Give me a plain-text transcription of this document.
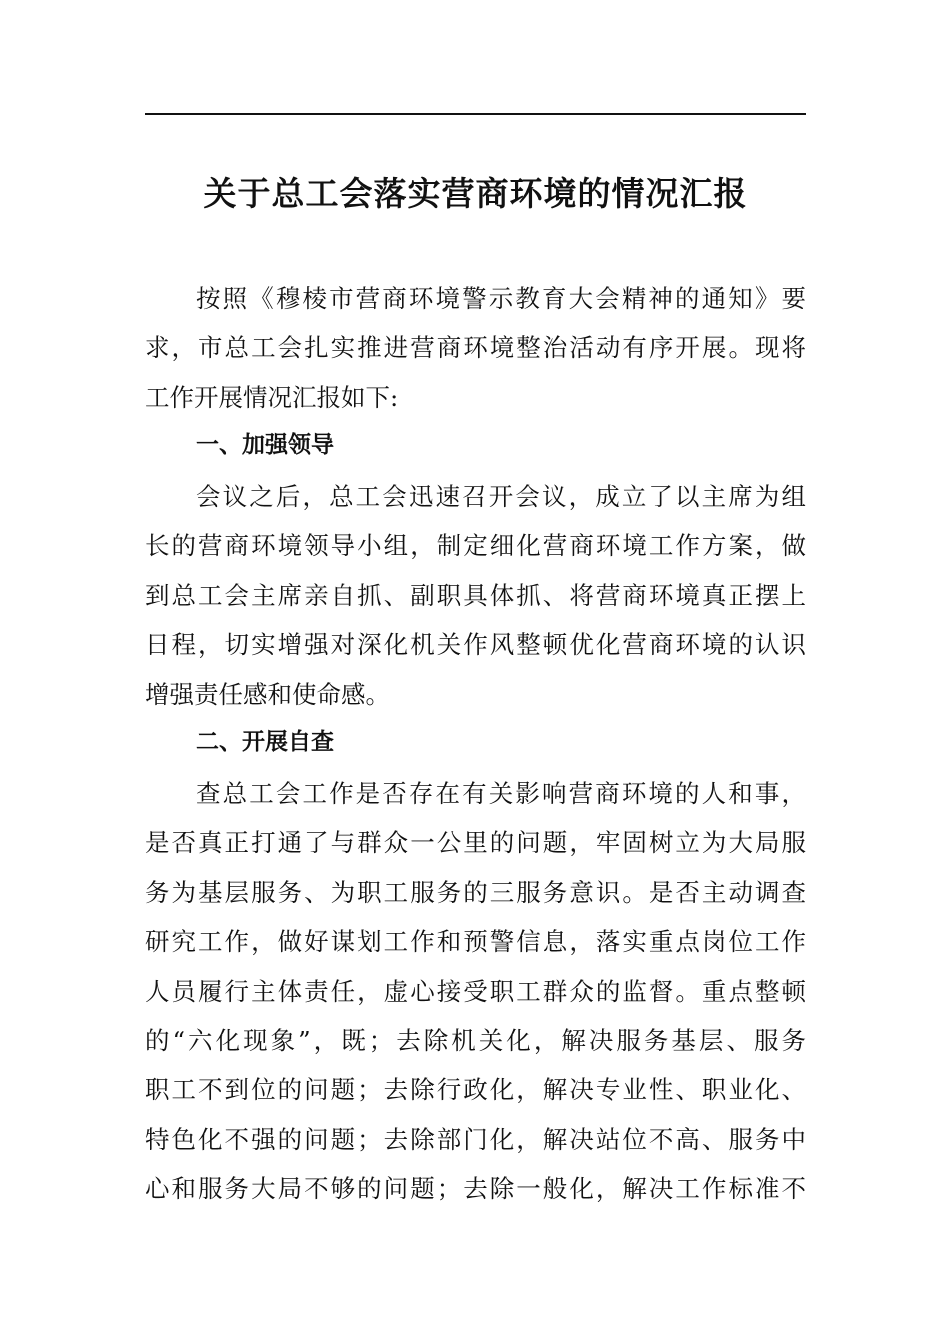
关于总工会落实营商环境的情况汇报
按照《穆棱市营商环境警示教育大会精神的通知》要
求，市总工会扎实推进营商环境整治活动有序开展。现将
工作开展情况汇报如下:
一、加强领导
会议之后，总工会迅速召开会议，成立了以主席为组
长的营商环境领导小组，制定细化营商环境工作方案，做
到总工会主席亲自抓、副职具体抓、将营商环境真正摆上
日程，切实增强对深化机关作风整顿优化营商环境的认识
增强责任感和使命感。
二、开展自查
查总工会工作是否存在有关影响营商环境的人和事，
是否真正打通了与群众一公里的问题，牢固树立为大局服
务为基层服务、为职工服务的三服务意识。是否主动调查
研究工作，做好谋划工作和预警信息，落实重点岗位工作
人员履行主体责任，虚心接受职工群众的监督。重点整顿
的“六化现象”，既；去除机关化，解决服务基层、服务
职工不到位的问题；去除行政化，解决专业性、职业化、
特色化不强的问题；去除部门化，解决站位不高、服务中
心和服务大局不够的问题；去除一般化，解决工作标准不
